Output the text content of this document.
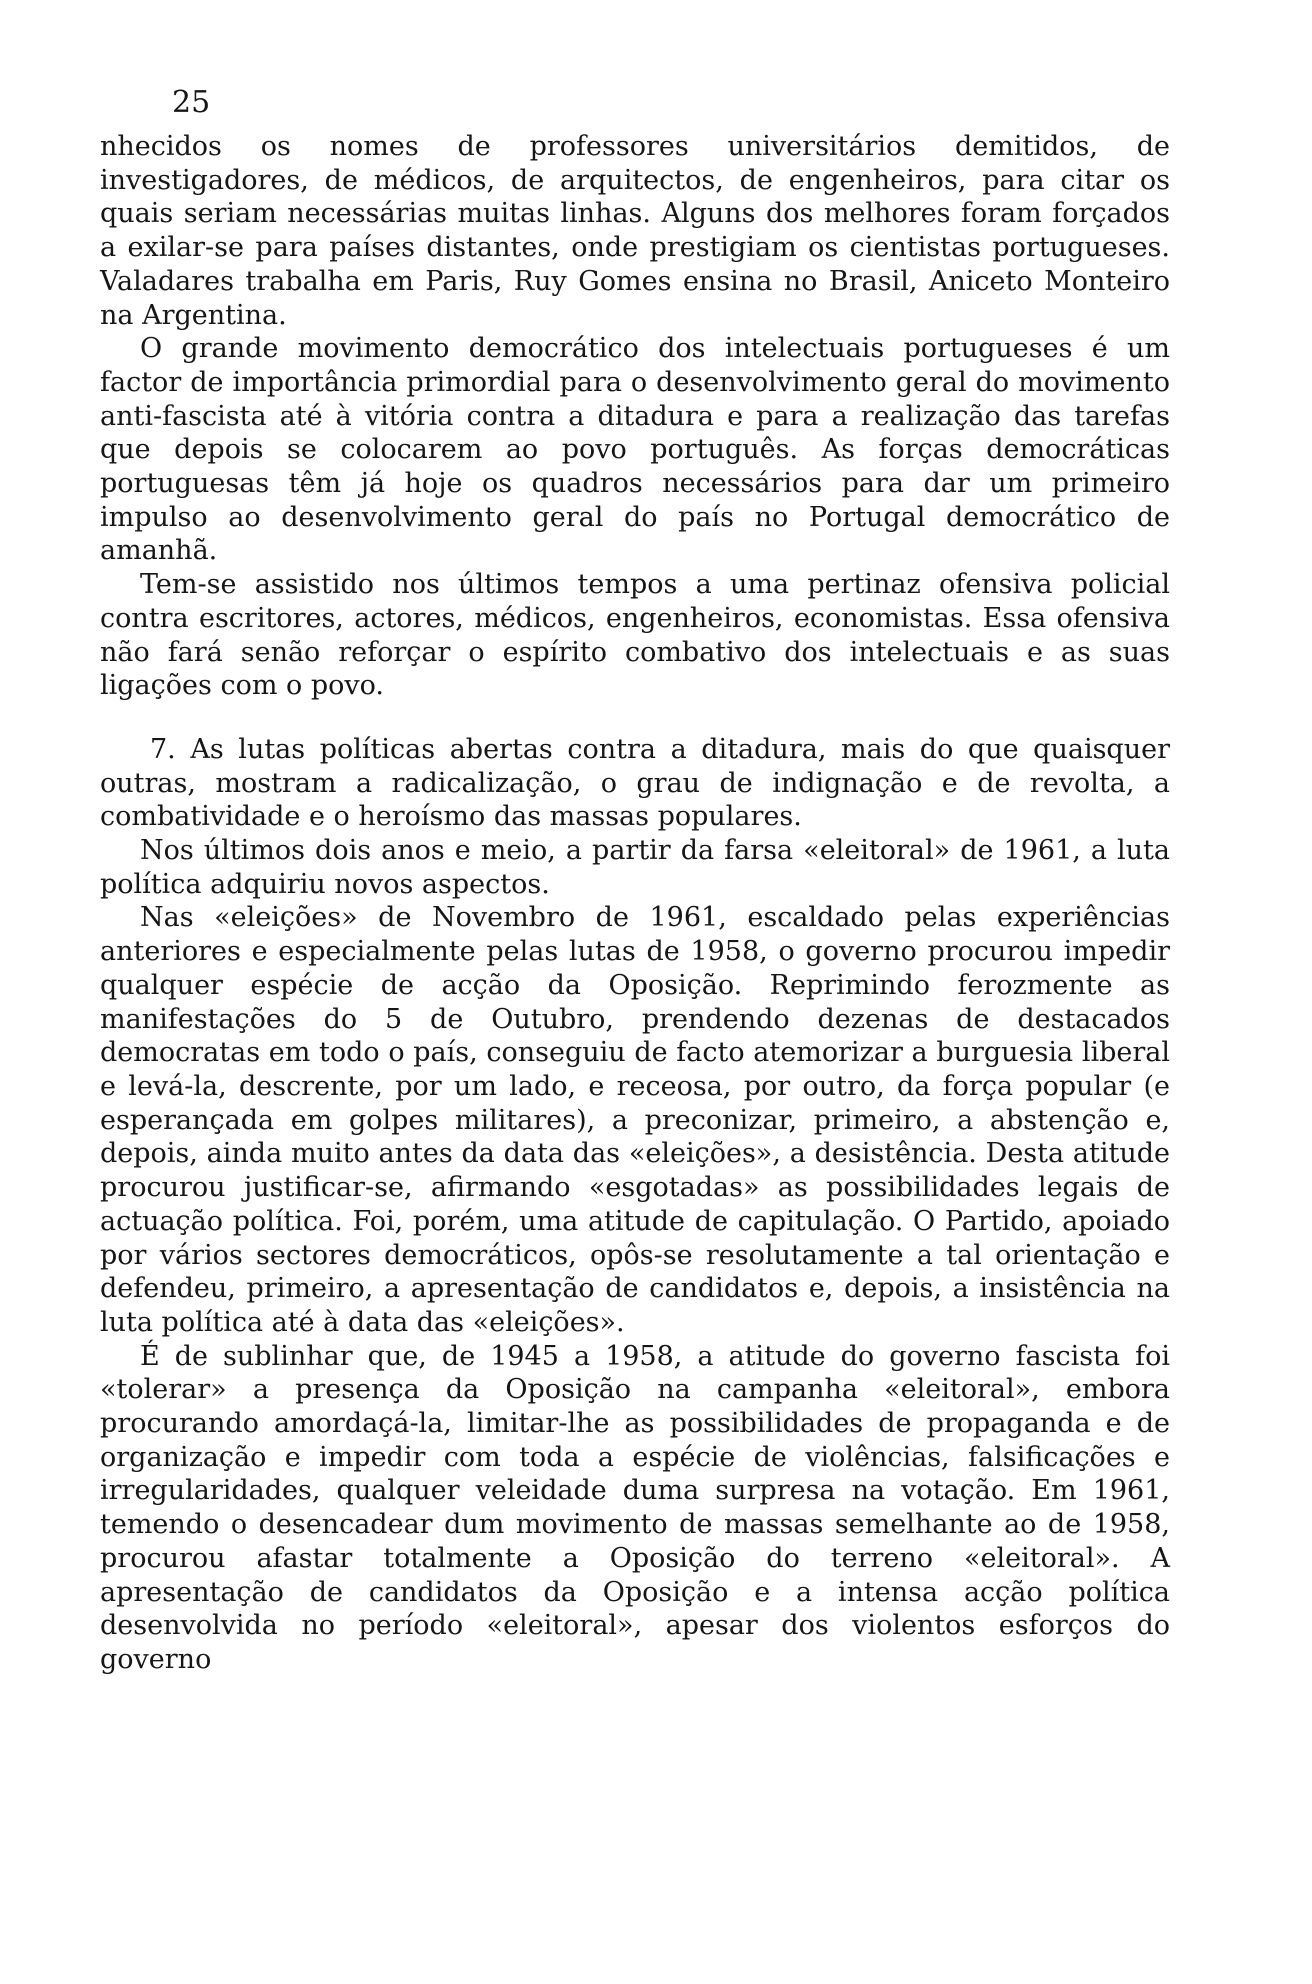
25

nhecidos os nomes de professores universitários demitidos, de investigadores, de médicos, de arquitectos, de engenheiros, para citar os quais seriam necessárias muitas linhas. Alguns dos melhores foram forçados a exilar-se para países distantes, onde prestigiam os cientistas portugueses. Valadares trabalha em Paris, Ruy Gomes ensina no Brasil, Aniceto Monteiro na Argentina.

O grande movimento democrático dos intelectuais portugueses é um factor de importância primordial para o desenvolvimento geral do movimento anti-fascista até à vitória contra a ditadura e para a realização das tarefas que depois se colocarem ao povo português. As forças democráticas portuguesas têm já hoje os quadros necessários para dar um primeiro impulso ao desenvolvimento geral do país no Portugal democrático de amanhã.

Tem-se assistido nos últimos tempos a uma pertinaz ofensiva policial contra escritores, actores, médicos, engenheiros, economistas. Essa ofensiva não fará senão reforçar o espírito combativo dos intelectuais e as suas ligações com o povo.

7. As lutas políticas abertas contra a ditadura, mais do que quaisquer outras, mostram a radicalização, o grau de indignação e de revolta, a combatividade e o heroísmo das massas populares.

Nos últimos dois anos e meio, a partir da farsa «eleitoral» de 1961, a luta política adquiriu novos aspectos.

Nas «eleições» de Novembro de 1961, escaldado pelas experiências anteriores e especialmente pelas lutas de 1958, o governo procurou impedir qualquer espécie de acção da Oposição. Reprimindo ferozmente as manifestações do 5 de Outubro, prendendo dezenas de destacados democratas em todo o país, conseguiu de facto atemorizar a burguesia liberal e levá-la, descrente, por um lado, e receosa, por outro, da força popular (e esperançada em golpes militares), a preconizar, primeiro, a abstenção e, depois, ainda muito antes da data das «eleições», a desistência. Desta atitude procurou justificar-se, afirmando «esgotadas» as possibilidades legais de actuação política. Foi, porém, uma atitude de capitulação. O Partido, apoiado por vários sectores democráticos, opôs-se resolutamente a tal orientação e defendeu, primeiro, a apresentação de candidatos e, depois, a insistência na luta política até à data das «eleições».

É de sublinhar que, de 1945 a 1958, a atitude do governo fascista foi «tolerar» a presença da Oposição na campanha «eleitoral», embora procurando amordaçá-la, limitar-lhe as possibilidades de propaganda e de organização e impedir com toda a espécie de violências, falsificações e irregularidades, qualquer veleidade duma surpresa na votação. Em 1961, temendo o desencadear dum movimento de massas semelhante ao de 1958, procurou afastar totalmente a Oposição do terreno «eleitoral». A apresentação de candidatos da Oposição e a intensa acção política desenvolvida no período «eleitoral», apesar dos violentos esforços do governo
